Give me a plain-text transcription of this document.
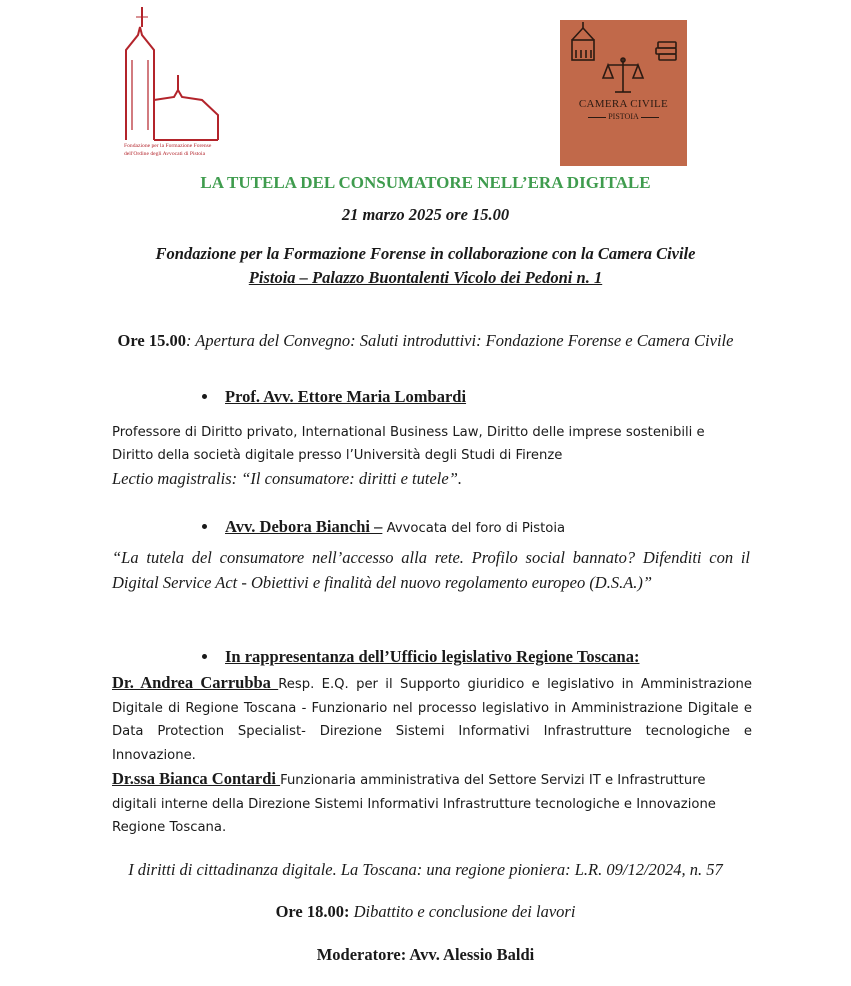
Fondazione per la Formazione Forense
dell'Ordine degli Avvocati di Pistoia
CAMERA CIVILE
PISTOIA
LA TUTELA DEL CONSUMATORE NELL’ERA DIGITALE
21 marzo 2025 ore 15.00
Fondazione per la Formazione Forense in collaborazione con la Camera Civile
Pistoia – Palazzo Buontalenti Vicolo dei Pedoni n. 1
Ore 15.00: Apertura del Convegno: Saluti introduttivi: Fondazione Forense e Camera Civile
Prof. Avv. Ettore Maria Lombardi
Professore di Diritto privato, International Business Law, Diritto delle imprese sostenibili e
Diritto della società digitale presso l’Università degli Studi di Firenze
Lectio magistralis: “Il consumatore: diritti e tutele”.
Avv. Debora Bianchi – Avvocata del foro di Pistoia
“La tutela del consumatore nell’accesso alla rete. Profilo social bannato? Difenditi con il Digital Service Act - Obiettivi e finalità del nuovo regolamento europeo (D.S.A.)”
In rappresentanza dell’Ufficio legislativo Regione Toscana:
Dr. Andrea Carrubba Resp. E.Q. per il Supporto giuridico e legislativo in Amministrazione Digitale di Regione Toscana - Funzionario nel processo legislativo in Amministrazione Digitale e Data Protection Specialist- Direzione Sistemi Informativi Infrastrutture tecnologiche e Innovazione.
Dr.ssa Bianca Contardi Funzionaria amministrativa del Settore Servizi IT e Infrastrutture
digitali interne della Direzione Sistemi Informativi Infrastrutture tecnologiche e Innovazione
Regione Toscana.
I diritti di cittadinanza digitale. La Toscana: una regione pioniera: L.R. 09/12/2024, n. 57
Ore 18.00: Dibattito e conclusione dei lavori
Moderatore: Avv. Alessio Baldi
